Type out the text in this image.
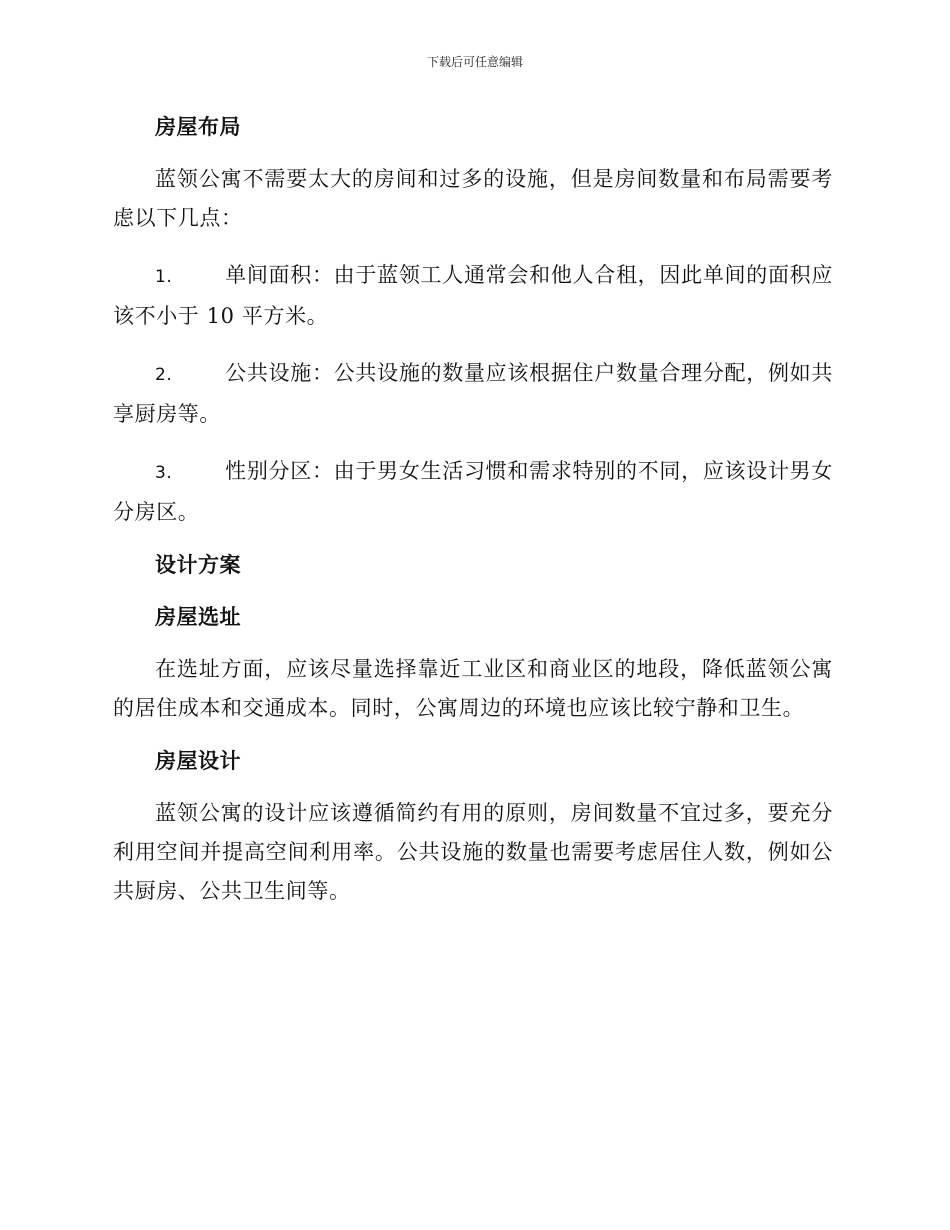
下载后可任意编辑
房屋布局

蓝领公寓不需要太大的房间和过多的设施，但是房间数量和布局需要考虑以下几点：

1.	单间面积：由于蓝领工人通常会和他人合租，因此单间的面积应该不小于 10 平方米。

2.	公共设施：公共设施的数量应该根据住户数量合理分配，例如共享厨房等。

3.	性别分区：由于男女生活习惯和需求特别的不同，应该设计男女分房区。

设计方案
房屋选址

在选址方面，应该尽量选择靠近工业区和商业区的地段，降低蓝领公寓的居住成本和交通成本。同时，公寓周边的环境也应该比较宁静和卫生。

房屋设计

蓝领公寓的设计应该遵循简约有用的原则，房间数量不宜过多，要充分利用空间并提高空间利用率。公共设施的数量也需要考虑居住人数，例如公共厨房、公共卫生间等。
